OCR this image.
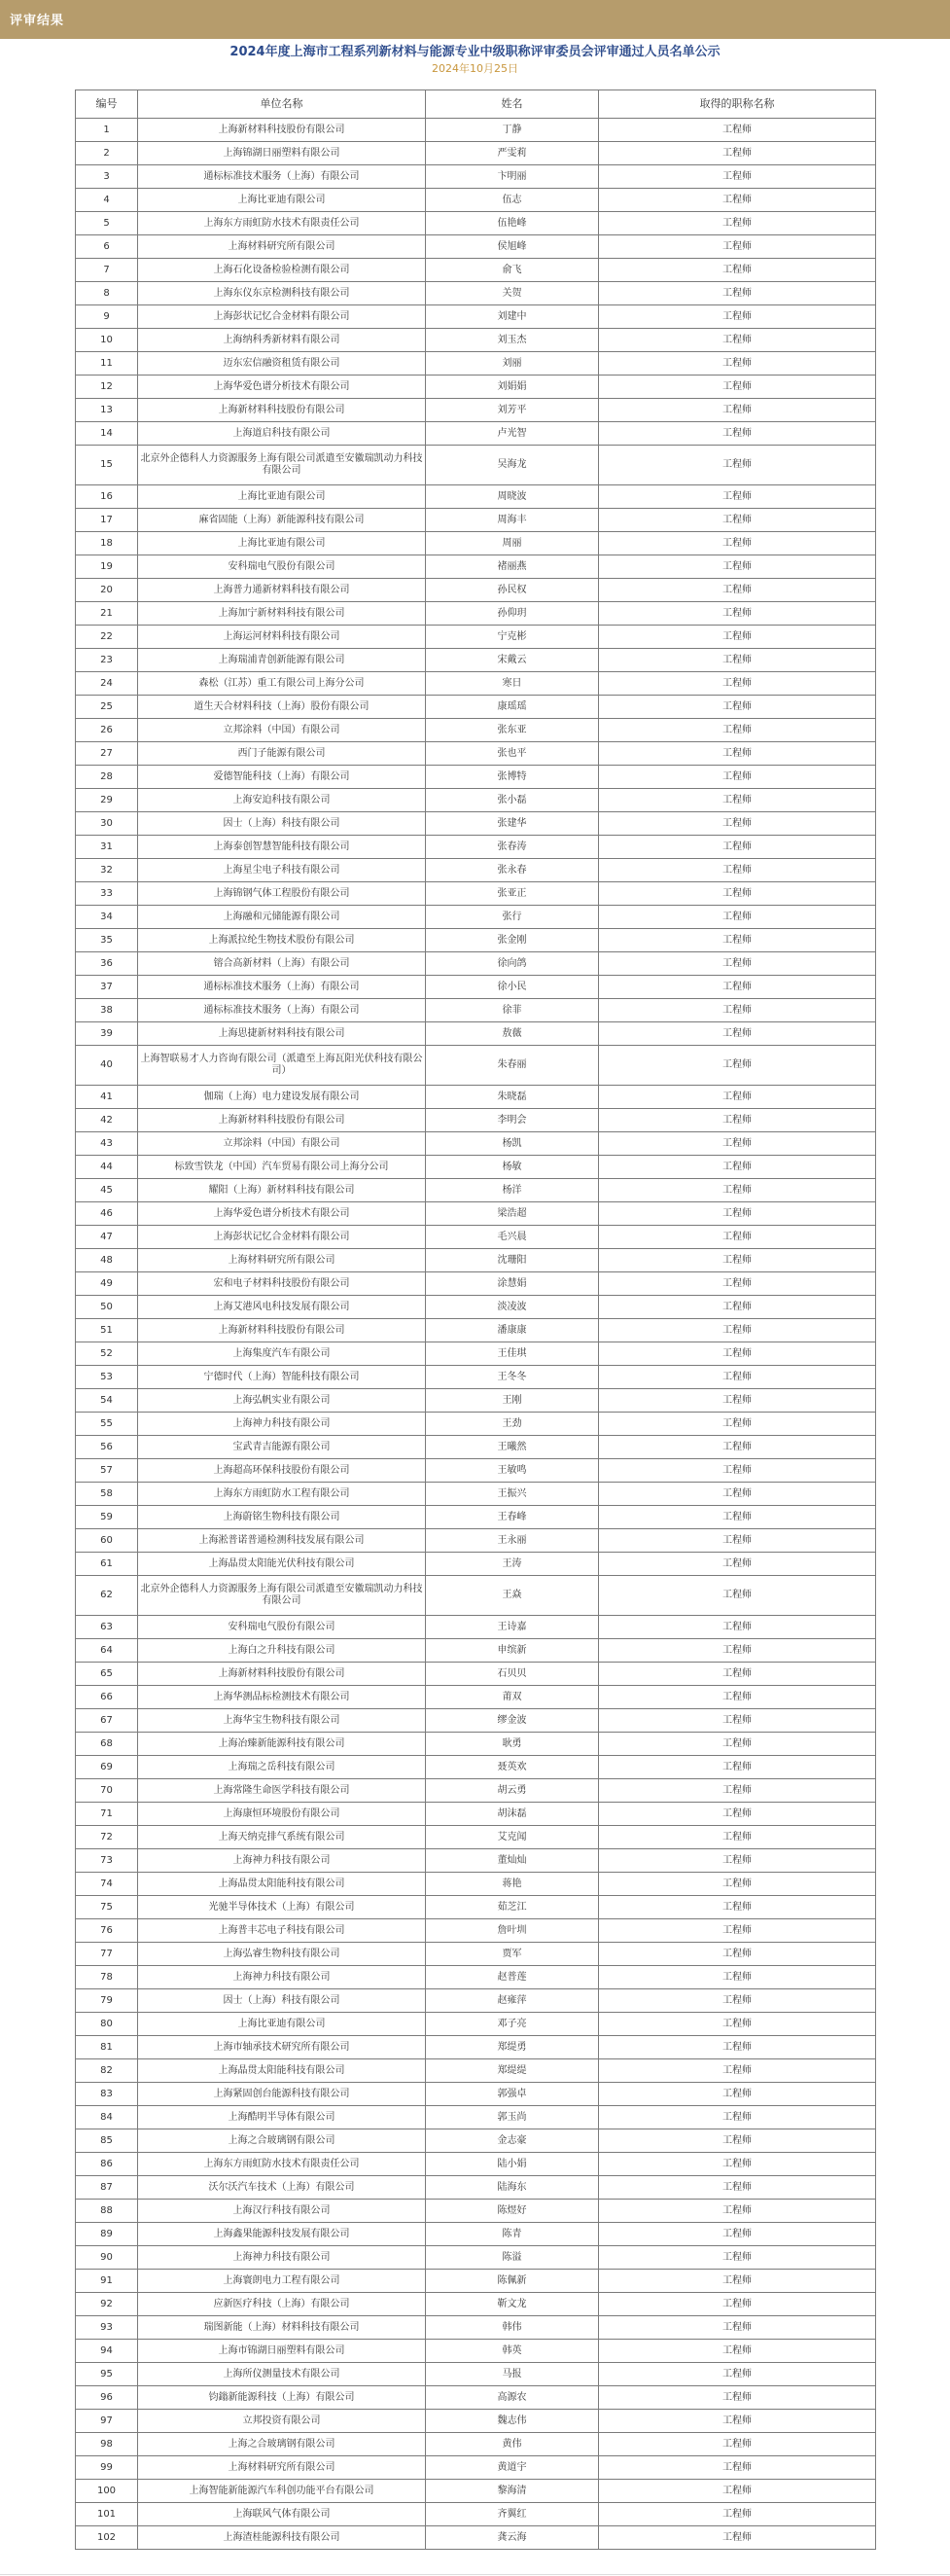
评审结果
2024年度上海市工程系列新材料与能源专业中级职称评审委员会评审通过人员名单公示
2024年10月25日
编号	单位名称	姓名	取得的职称名称
1	上海新材料科技股份有限公司	丁静	工程师
2	上海锦湖日丽塑料有限公司	严雯莉	工程师
3	通标标准技术服务（上海）有限公司	卞明丽	工程师
4	上海比亚迪有限公司	伍志	工程师
5	上海东方雨虹防水技术有限责任公司	伍艳峰	工程师
6	上海材料研究所有限公司	侯旭峰	工程师
7	上海石化设备检验检测有限公司	俞飞	工程师
8	上海东仪东京检测科技有限公司	关贺	工程师
9	上海彭状记忆合金材料有限公司	刘建中	工程师
10	上海纳科秀新材料有限公司	刘玉杰	工程师
11	迈东宏信融资租赁有限公司	刘丽	工程师
12	上海华爱色谱分析技术有限公司	刘娟娟	工程师
13	上海新材料科技股份有限公司	刘芳平	工程师
14	上海道启科技有限公司	卢光智	工程师
15	北京外企德科人力资源服务上海有限公司派遣至安徽瑞凯动力科技有限公司	吴海龙	工程师
16	上海比亚迪有限公司	周晓波	工程师
17	麻省固能（上海）新能源科技有限公司	周海丰	工程师
18	上海比亚迪有限公司	周丽	工程师
19	安科瑞电气股份有限公司	褚丽燕	工程师
20	上海普力通新材料科技有限公司	孙民权	工程师
21	上海加宁新材料科技有限公司	孙仰玥	工程师
22	上海运河材料科技有限公司	宁克彬	工程师
23	上海瑞浦青创新能源有限公司	宋戴云	工程师
24	森松（江苏）重工有限公司上海分公司	寒日	工程师
25	道生天合材料科技（上海）股份有限公司	康瑶瑶	工程师
26	立邦涂料（中国）有限公司	张东亚	工程师
27	西门子能源有限公司	张也平	工程师
28	爱德智能科技（上海）有限公司	张博特	工程师
29	上海安迫科技有限公司	张小磊	工程师
30	因士（上海）科技有限公司	张建华	工程师
31	上海泰创智慧智能科技有限公司	张春涛	工程师
32	上海星尘电子科技有限公司	张永春	工程师
33	上海锦钢气体工程股份有限公司	张亚正	工程师
34	上海融和元储能源有限公司	张行	工程师
35	上海派拉纶生物技术股份有限公司	张金刚	工程师
36	镕合高新材料（上海）有限公司	徐向鸽	工程师
37	通标标准技术服务（上海）有限公司	徐小民	工程师
38	通标标准技术服务（上海）有限公司	徐菲	工程师
39	上海思捷新材料科技有限公司	敖薇	工程师
40	上海智联易才人力咨询有限公司（派遣至上海瓦阳光伏科技有限公司）	朱春丽	工程师
41	伽瑞（上海）电力建设发展有限公司	朱晓磊	工程师
42	上海新材料科技股份有限公司	李明会	工程师
43	立邦涂料（中国）有限公司	杨凯	工程师
44	标致雪铁龙（中国）汽车贸易有限公司上海分公司	杨敏	工程师
45	耀阳（上海）新材料科技有限公司	杨洋	工程师
46	上海华爱色谱分析技术有限公司	梁浩超	工程师
47	上海彭状记忆合金材料有限公司	毛兴晨	工程师
48	上海材料研究所有限公司	沈珊阳	工程师
49	宏和电子材料科技股份有限公司	涂慧娟	工程师
50	上海艾港风电科技发展有限公司	淡凌波	工程师
51	上海新材料科技股份有限公司	潘康康	工程师
52	上海集度汽车有限公司	王佳琪	工程师
53	宁德时代（上海）智能科技有限公司	王冬冬	工程师
54	上海弘帆实业有限公司	王刚	工程师
55	上海神力科技有限公司	王劲	工程师
56	宝武青吉能源有限公司	王曦然	工程师
57	上海超高环保科技股份有限公司	王敏鸣	工程师
58	上海东方雨虹防水工程有限公司	王振兴	工程师
59	上海蔚铭生物科技有限公司	王春峰	工程师
60	上海淞普诺普通检测科技发展有限公司	王永丽	工程师
61	上海晶贯太阳能光伏科技有限公司	王涛	工程师
62	北京外企德科人力资源服务上海有限公司派遣至安徽瑞凯动力科技有限公司	王焱	工程师
63	安科瑞电气股份有限公司	王诗嘉	工程师
64	上海白之升科技有限公司	申缤新	工程师
65	上海新材料科技股份有限公司	石贝贝	工程师
66	上海华测品标检测技术有限公司	莆双	工程师
67	上海华宝生物科技有限公司	缪金波	工程师
68	上海冶臻新能源科技有限公司	耿勇	工程师
69	上海瑞之岳科技有限公司	聂英欢	工程师
70	上海常隆生命医学科技有限公司	胡云勇	工程师
71	上海康恒环境股份有限公司	胡沫磊	工程师
72	上海天纳克排气系统有限公司	艾克闻	工程师
73	上海神力科技有限公司	董灿灿	工程师
74	上海晶贯太阳能科技有限公司	蒋艳	工程师
75	光驰半导体技术（上海）有限公司	茹芝江	工程师
76	上海普丰芯电子科技有限公司	詹叶圳	工程师
77	上海弘睿生物科技有限公司	贾军	工程师
78	上海神力科技有限公司	赵普莲	工程师
79	因士（上海）科技有限公司	赵雍萍	工程师
80	上海比亚迪有限公司	邓子亮	工程师
81	上海市轴承技术研究所有限公司	郑缇勇	工程师
82	上海晶贯太阳能科技有限公司	郑缇缇	工程师
83	上海紧固创台能源科技有限公司	郭强卓	工程师
84	上海酷明半导体有限公司	郭玉尚	工程师
85	上海之合玻璃钢有限公司	金志豪	工程师
86	上海东方雨虹防水技术有限责任公司	陆小娟	工程师
87	沃尔沃汽车技术（上海）有限公司	陆海东	工程师
88	上海汉行科技有限公司	陈煜好	工程师
89	上海鑫果能源科技发展有限公司	陈青	工程师
90	上海神力科技有限公司	陈溢	工程师
91	上海寰朗电力工程有限公司	陈佩新	工程师
92	应新医疗科技（上海）有限公司	靳文龙	工程师
93	瑞图新能（上海）材料科技有限公司	韩伟	工程师
94	上海市锦湖日丽塑料有限公司	韩英	工程师
95	上海所仪测量技术有限公司	马报	工程师
96	钧鎓新能源科技（上海）有限公司	高源农	工程师
97	立邦投资有限公司	魏志伟	工程师
98	上海之合玻璃钢有限公司	黄伟	工程师
99	上海材料研究所有限公司	黄道宇	工程师
100	上海智能新能源汽车科创功能平台有限公司	黎海清	工程师
101	上海联风气体有限公司	齐翼红	工程师
102	上海渣桂能源科技有限公司	龚云海	工程师
